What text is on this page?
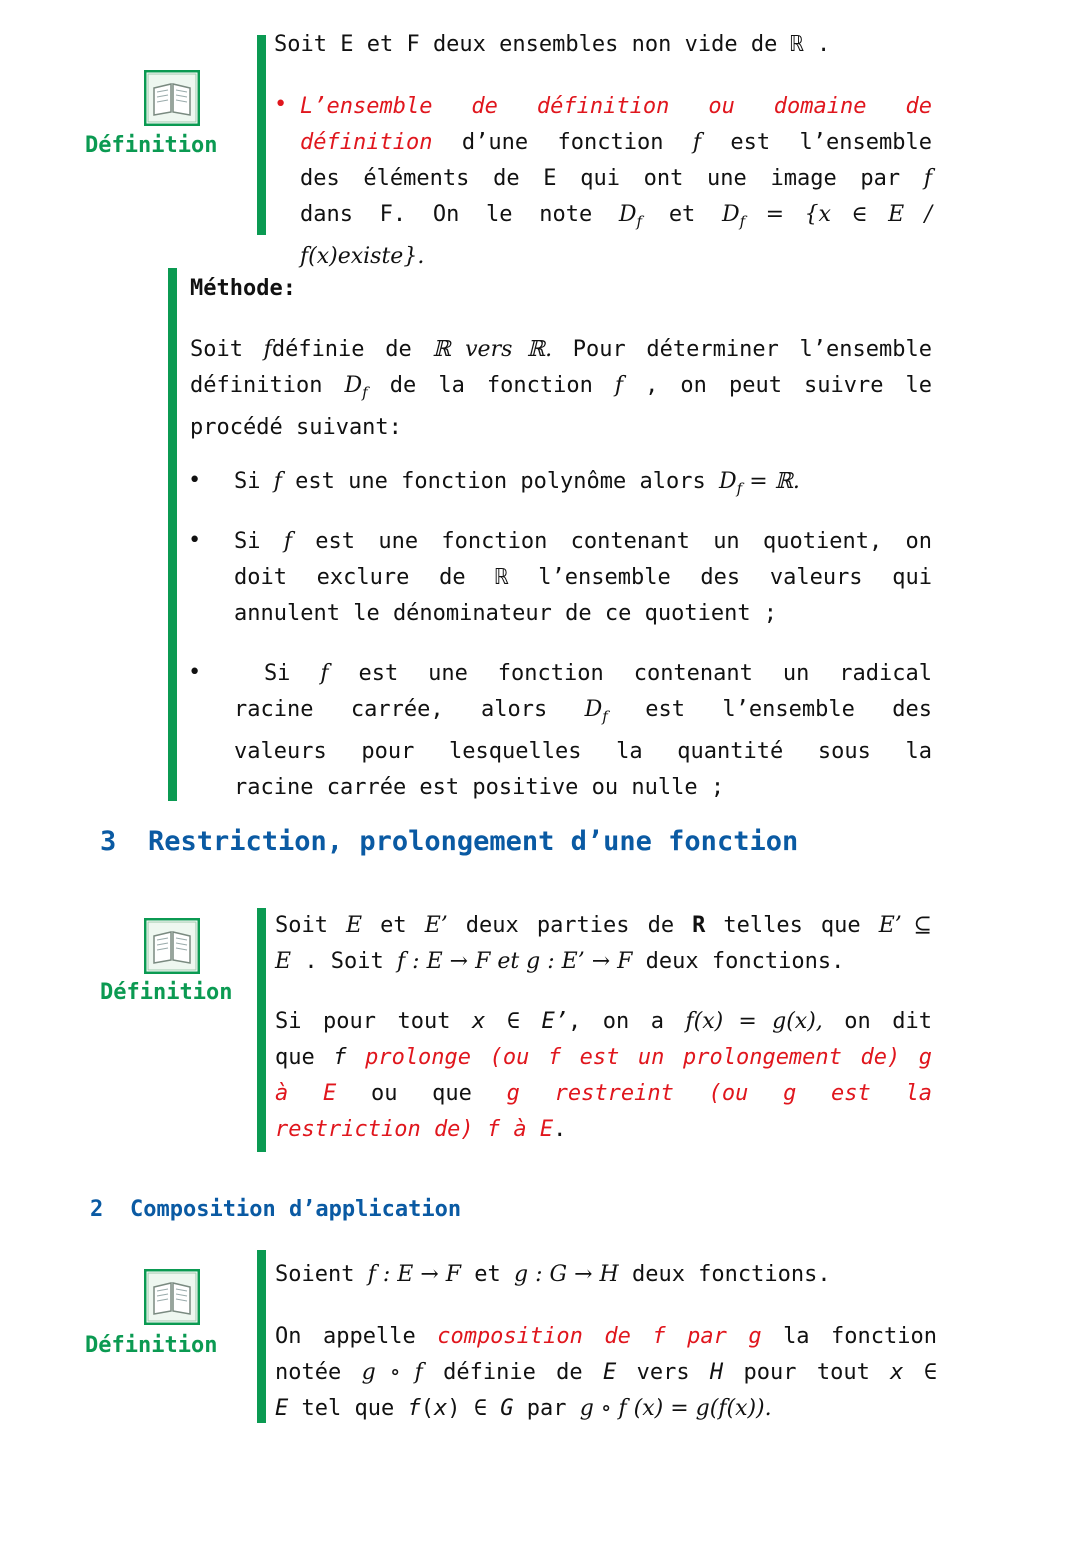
Définition
Soit E et F deux ensembles non vide de ℝ .
• L’ensemble de définition ou domaine de
définition d’une fonction f est l’ensemble
des éléments de E qui ont une image par f
dans F. On le note $D_f$ et $D_f = \{x$ ∈ E /
f(x)existe}.
Méthode:
Soit fdéfinie de ℝ vers ℝ. Pour déterminer l’ensemble
définition $D_f$ de la fonction f , on peut suivre le
procédé suivant:
• Si f est une fonction polynôme alors $D_f$ = ℝ.
• Si f est une fonction contenant un quotient, on
doit exclure de ℝ l’ensemble des valeurs qui
annulent le dénominateur de ce quotient ;
•	Si f est une fonction contenant un radical
racine carrée, alors $D_f$ est l’ensemble des
valeurs pour lesquelles la quantité sous la
racine carrée est positive ou nulle ;
3 Restriction, prolongement d’une fonction
Définition
Soit E et E’ deux parties de R telles que E’ ⊆
E . Soit f : E → F et g : E’ → F deux fonctions.
Si pour tout x ∈ E’, on a f(x) = g(x), on dit
que f prolonge (ou f est un prolongement de) g
à E ou que g restreint (ou g est la
restriction de) f à E.
2 Composition d’application
Définition
Soient f : E → F et g : G → H deux fonctions.
On appelle composition de f par g la fonction
notée g ∘ f définie de E vers H pour tout x ∈
E tel que f(x) ∈ G par g ∘ f (x) = g(f(x)).
